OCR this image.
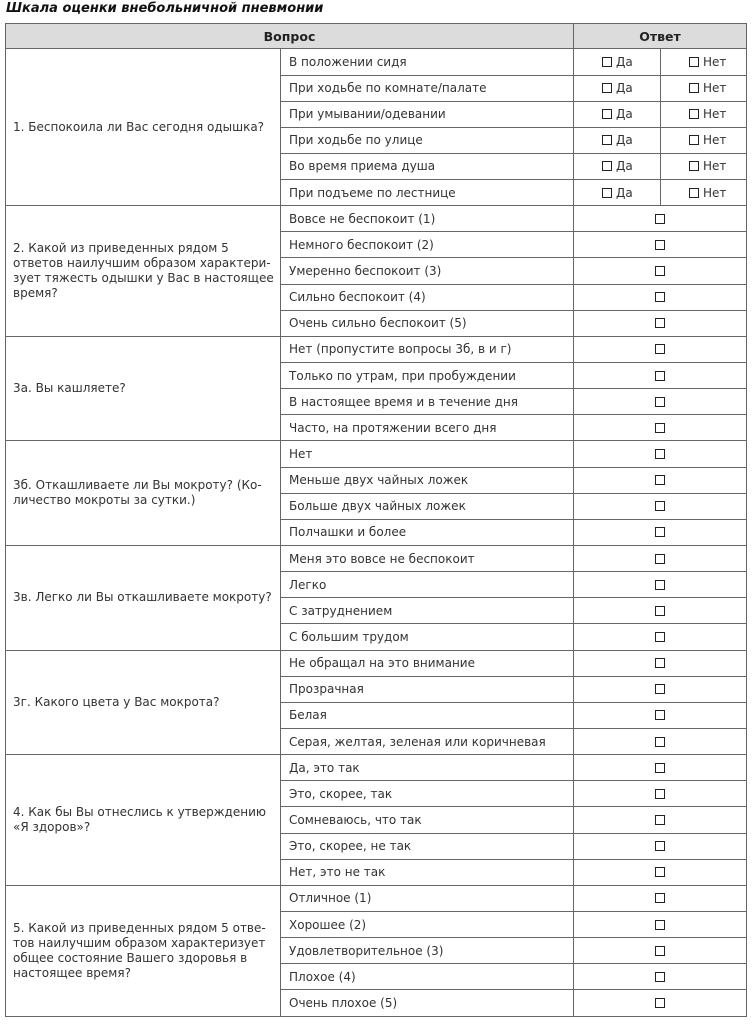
Шкала оценки внебольничной пневмонии
Вопрос		Ответ	
1. Беспокоила ли Вас сегодня одышка?	В положении сидя	Да	Нет
	При ходьбе по комнате/палате	Да	Нет
	При умывании/одевании	Да	Нет
	При ходьбе по улице	Да	Нет
	Во время приема душа	Да	Нет
	При подъеме по лестнице	Да	Нет
2. Какой из приведенных рядом 5 ответов наилучшим образом характери-зует тяжесть одышки у Вас в настоящее время?	Вовсе не беспокоит (1)		
	Немного беспокоит (2)		
	Умеренно беспокоит (3)		
	Сильно беспокоит (4)		
	Очень сильно беспокоит (5)		
3а. Вы кашляете?	Нет (пропустите вопросы 3б, в и г)		
	Только по утрам, при пробуждении		
	В настоящее время и в течение дня		
	Часто, на протяжении всего дня		
3б. Откашливаете ли Вы мокроту? (Ко-личество мокроты за сутки.)	Нет		
	Меньше двух чайных ложек		
	Больше двух чайных ложек		
	Полчашки и более		
3в. Легко ли Вы откашливаете мокроту?	Меня это вовсе не беспокоит		
	Легко		
	С затруднением		
	С большим трудом		
3г. Какого цвета у Вас мокрота?	Не обращал на это внимание		
	Прозрачная		
	Белая		
	Серая, желтая, зеленая или коричневая		
4. Как бы Вы отнеслись к утверждению «Я здоров»?	Да, это так		
	Это, скорее, так		
	Сомневаюсь, что так		
	Это, скорее, не так		
	Нет, это не так		
5. Какой из приведенных рядом 5 отве-тов наилучшим образом характеризует общее состояние Вашего здоровья в настоящее время?	Отличное (1)		
	Хорошее (2)		
	Удовлетворительное (3)		
	Плохое (4)		
	Очень плохое (5)		
